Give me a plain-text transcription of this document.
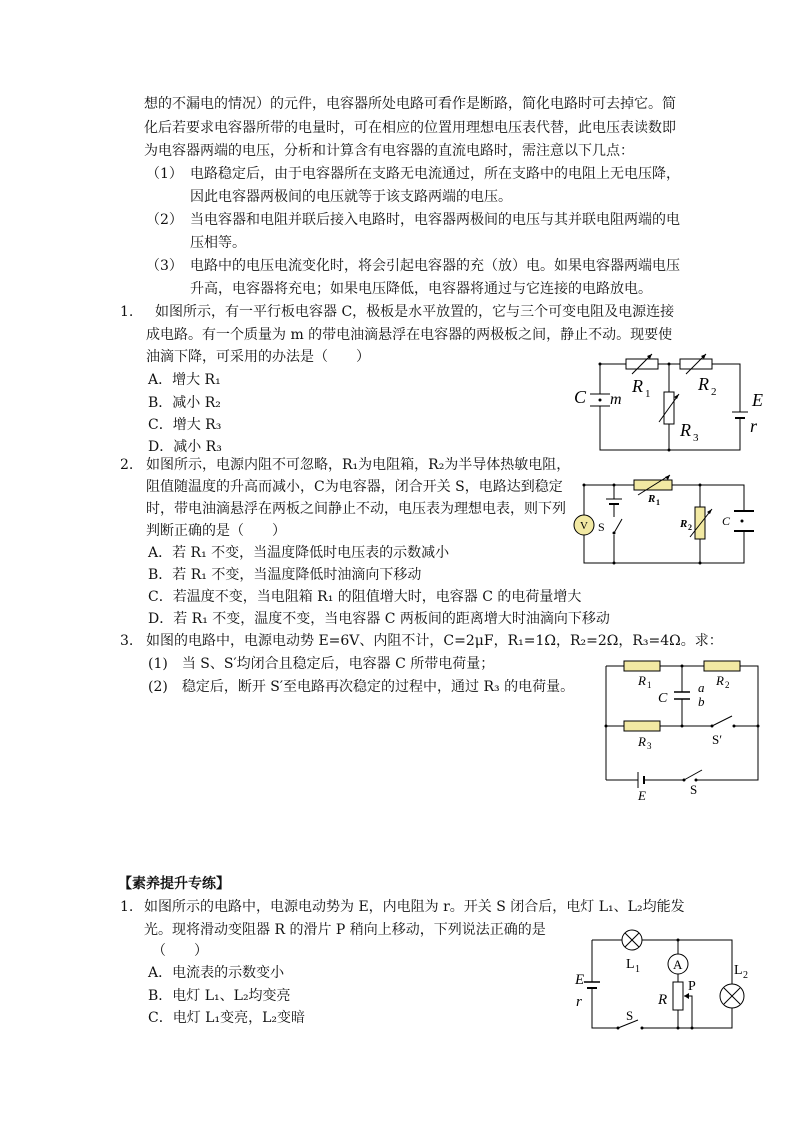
想的不漏电的情况）的元件，电容器所处电路可看作是断路，简化电路时可去掉它。简
化后若要求电容器所带的电量时，可在相应的位置用理想电压表代替，此电压表读数即
为电容器两端的电压，分析和计算含有电容器的直流电路时，需注意以下几点：
（1） 电路稳定后，由于电容器所在支路无电流通过，所在支路中的电阻上无电压降，
因此电容器两极间的电压就等于该支路两端的电压。
（2） 当电容器和电阻并联后接入电路时，电容器两极间的电压与其并联电阻两端的电
压相等。
（3） 电路中的电压电流变化时，将会引起电容器的充（放）电。如果电容器两端电压
升高，电容器将充电；如果电压降低，电容器将通过与它连接的电路放电。
1. 如图所示，有一平行板电容器 C，极板是水平放置的，它与三个可变电阻及电源连接
成电路。有一个质量为 m 的带电油滴悬浮在电容器的两极板之间，静止不动。现要使
油滴下降，可采用的办法是（　　）
A．增大 R₁
B．减小 R₂
C．增大 R₃
D．减小 R₃
C m
R 1	R 2
R 3
E
r
2. 如图所示，电源内阻不可忽略，R₁为电阻箱，R₂为半导体热敏电阻，
阻值随温度的升高而减小，C为电容器，闭合开关 S，电路达到稳定
时，带电油滴悬浮在两板之间静止不动，电压表为理想电表，则下列
判断正确的是（　　）
A．若 R₁ 不变，当温度降低时电压表的示数减小
B．若 R₁ 不变，当温度降低时油滴向下移动
C．若温度不变，当电阻箱 R₁ 的阻值增大时，电容器 C 的电荷量增大
D．若 R₁ 不变，温度不变，当电容器 C 两板间的距离增大时油滴向下移动
V S
R 1
R 2	C
3. 如图的电路中，电源电动势 E=6V、内阻不计，C=2μF，R₁=1Ω，R₂=2Ω，R₃=4Ω。求：
(1)　当 S、S′均闭合且稳定后，电容器 C 所带电荷量；
(2)　稳定后，断开 S′至电路再次稳定的过程中，通过 R₃ 的电荷量。	R 1	R 2
R 3
C
a
b
S′
E	S
【素养提升专练】
1. 如图所示的电路中，电源电动势为 E，内电阻为 r。开关 S 闭合后，电灯 L₁、L₂均能发
光。现将滑动变阻器 R 的滑片 P 稍向上移动，下列说法正确的是
（　　）
A．电流表的示数变小
B．电灯 L₁、L₂均变亮
C．电灯 L₁变亮，L₂变暗
A
E
r
L 1	L 2
R
P
S
